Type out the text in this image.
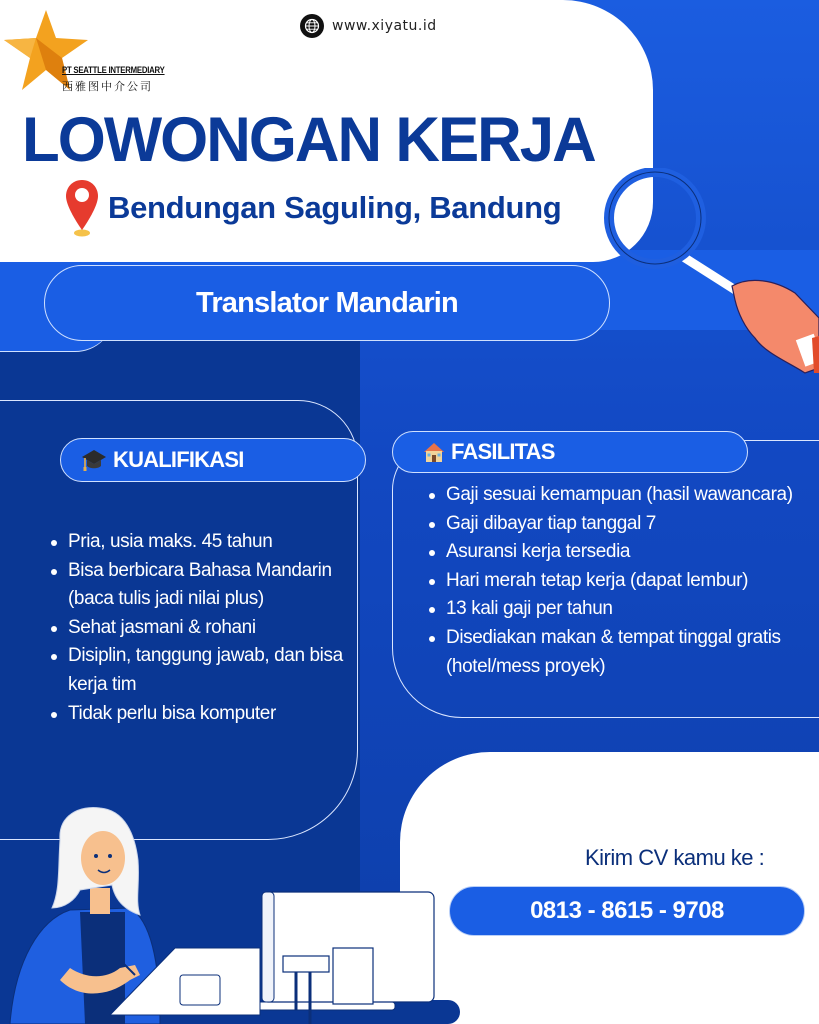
PT SEATTLE INTERMEDIARY
西雅图中介公司
www.xiyatu.id
LOWONGAN KERJA
Bendungan Saguling, Bandung
Translator Mandarin
KUALIFIKASI
Pria, usia maks. 45 tahun
Bisa berbicara Bahasa Mandarin (baca tulis jadi nilai plus)
Sehat jasmani & rohani
Disiplin, tanggung jawab, dan bisa kerja tim
Tidak perlu bisa komputer
FASILITAS
Gaji sesuai kemampuan (hasil wawancara)
Gaji dibayar tiap tanggal 7
Asuransi kerja tersedia
Hari merah tetap kerja (dapat lembur)
13 kali gaji per tahun
Disediakan makan & tempat tinggal gratis (hotel/mess proyek)
Kirim CV kamu ke :
0813 - 8615 - 9708
